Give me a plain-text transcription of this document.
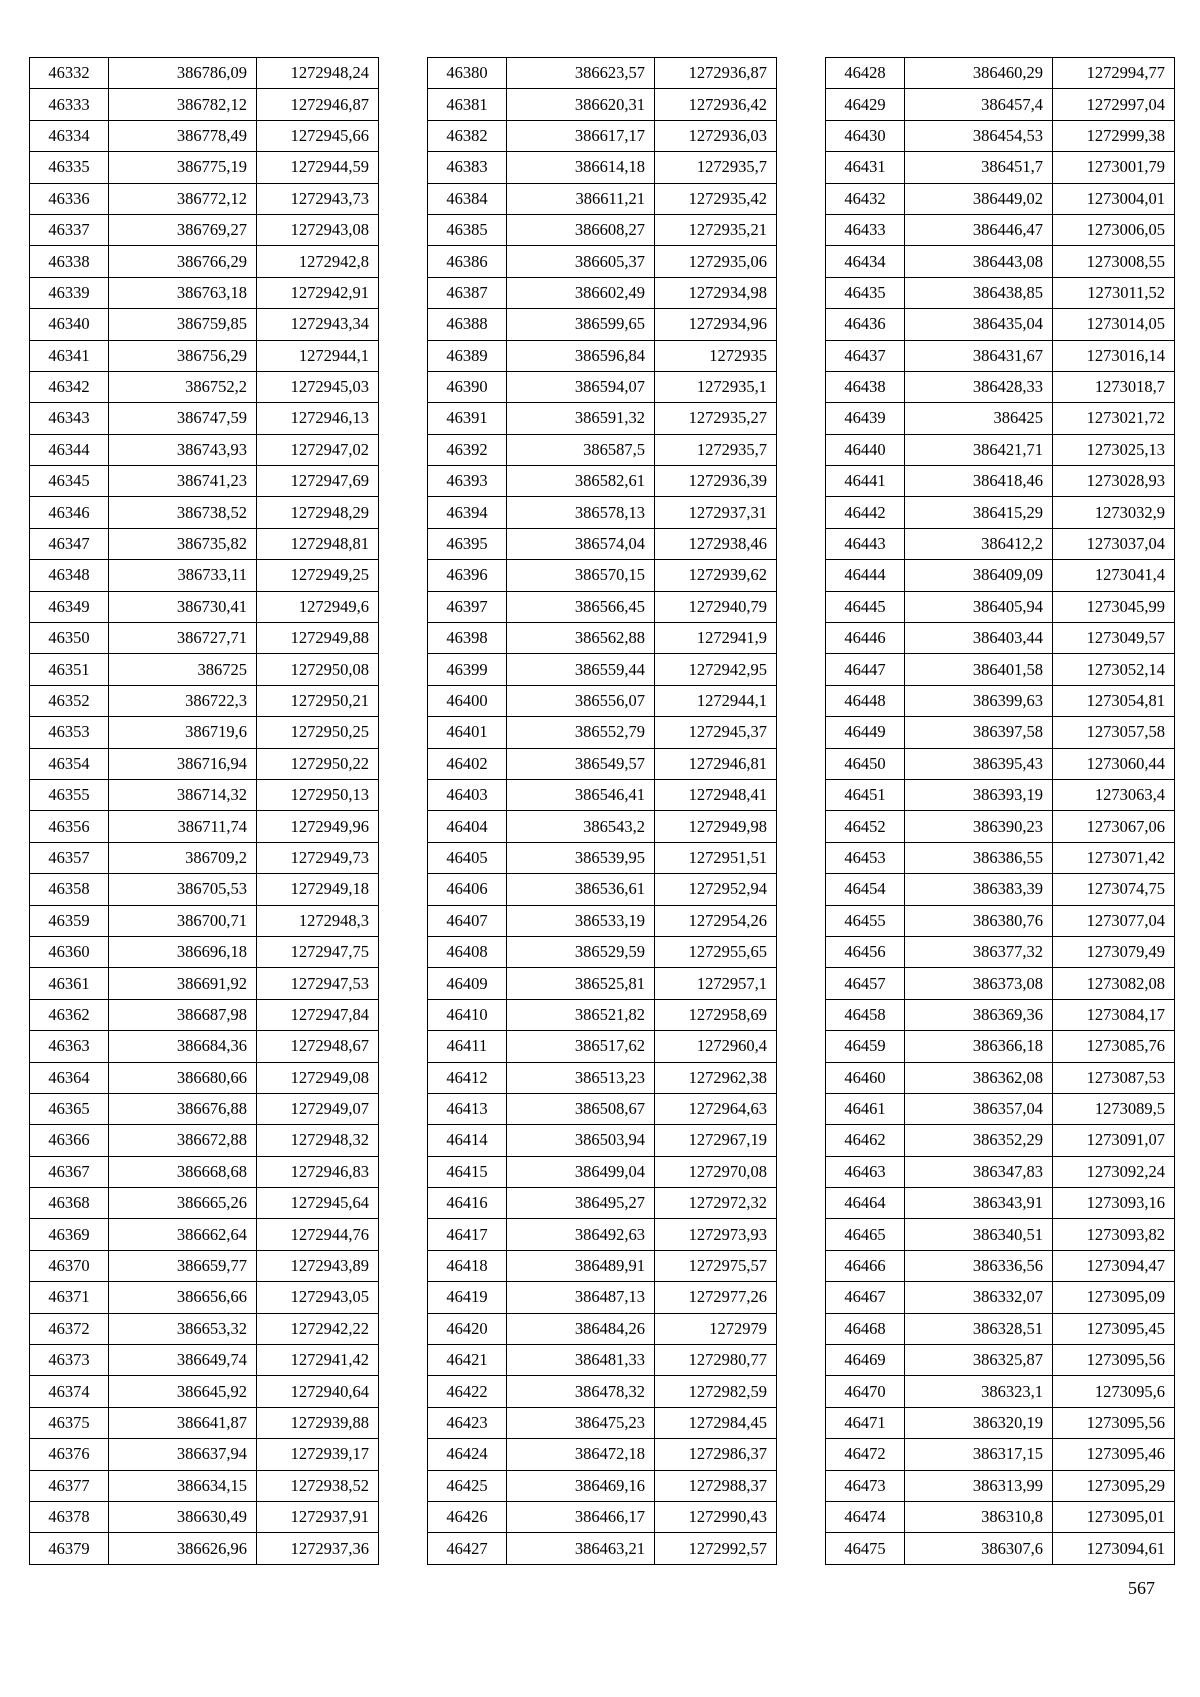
46332	386786,09	1272948,24
46333	386782,12	1272946,87
46334	386778,49	1272945,66
46335	386775,19	1272944,59
46336	386772,12	1272943,73
46337	386769,27	1272943,08
46338	386766,29	1272942,8
46339	386763,18	1272942,91
46340	386759,85	1272943,34
46341	386756,29	1272944,1
46342	386752,2	1272945,03
46343	386747,59	1272946,13
46344	386743,93	1272947,02
46345	386741,23	1272947,69
46346	386738,52	1272948,29
46347	386735,82	1272948,81
46348	386733,11	1272949,25
46349	386730,41	1272949,6
46350	386727,71	1272949,88
46351	386725	1272950,08
46352	386722,3	1272950,21
46353	386719,6	1272950,25
46354	386716,94	1272950,22
46355	386714,32	1272950,13
46356	386711,74	1272949,96
46357	386709,2	1272949,73
46358	386705,53	1272949,18
46359	386700,71	1272948,3
46360	386696,18	1272947,75
46361	386691,92	1272947,53
46362	386687,98	1272947,84
46363	386684,36	1272948,67
46364	386680,66	1272949,08
46365	386676,88	1272949,07
46366	386672,88	1272948,32
46367	386668,68	1272946,83
46368	386665,26	1272945,64
46369	386662,64	1272944,76
46370	386659,77	1272943,89
46371	386656,66	1272943,05
46372	386653,32	1272942,22
46373	386649,74	1272941,42
46374	386645,92	1272940,64
46375	386641,87	1272939,88
46376	386637,94	1272939,17
46377	386634,15	1272938,52
46378	386630,49	1272937,91
46379	386626,96	1272937,36
46380	386623,57	1272936,87
46381	386620,31	1272936,42
46382	386617,17	1272936,03
46383	386614,18	1272935,7
46384	386611,21	1272935,42
46385	386608,27	1272935,21
46386	386605,37	1272935,06
46387	386602,49	1272934,98
46388	386599,65	1272934,96
46389	386596,84	1272935
46390	386594,07	1272935,1
46391	386591,32	1272935,27
46392	386587,5	1272935,7
46393	386582,61	1272936,39
46394	386578,13	1272937,31
46395	386574,04	1272938,46
46396	386570,15	1272939,62
46397	386566,45	1272940,79
46398	386562,88	1272941,9
46399	386559,44	1272942,95
46400	386556,07	1272944,1
46401	386552,79	1272945,37
46402	386549,57	1272946,81
46403	386546,41	1272948,41
46404	386543,2	1272949,98
46405	386539,95	1272951,51
46406	386536,61	1272952,94
46407	386533,19	1272954,26
46408	386529,59	1272955,65
46409	386525,81	1272957,1
46410	386521,82	1272958,69
46411	386517,62	1272960,4
46412	386513,23	1272962,38
46413	386508,67	1272964,63
46414	386503,94	1272967,19
46415	386499,04	1272970,08
46416	386495,27	1272972,32
46417	386492,63	1272973,93
46418	386489,91	1272975,57
46419	386487,13	1272977,26
46420	386484,26	1272979
46421	386481,33	1272980,77
46422	386478,32	1272982,59
46423	386475,23	1272984,45
46424	386472,18	1272986,37
46425	386469,16	1272988,37
46426	386466,17	1272990,43
46427	386463,21	1272992,57
46428	386460,29	1272994,77
46429	386457,4	1272997,04
46430	386454,53	1272999,38
46431	386451,7	1273001,79
46432	386449,02	1273004,01
46433	386446,47	1273006,05
46434	386443,08	1273008,55
46435	386438,85	1273011,52
46436	386435,04	1273014,05
46437	386431,67	1273016,14
46438	386428,33	1273018,7
46439	386425	1273021,72
46440	386421,71	1273025,13
46441	386418,46	1273028,93
46442	386415,29	1273032,9
46443	386412,2	1273037,04
46444	386409,09	1273041,4
46445	386405,94	1273045,99
46446	386403,44	1273049,57
46447	386401,58	1273052,14
46448	386399,63	1273054,81
46449	386397,58	1273057,58
46450	386395,43	1273060,44
46451	386393,19	1273063,4
46452	386390,23	1273067,06
46453	386386,55	1273071,42
46454	386383,39	1273074,75
46455	386380,76	1273077,04
46456	386377,32	1273079,49
46457	386373,08	1273082,08
46458	386369,36	1273084,17
46459	386366,18	1273085,76
46460	386362,08	1273087,53
46461	386357,04	1273089,5
46462	386352,29	1273091,07
46463	386347,83	1273092,24
46464	386343,91	1273093,16
46465	386340,51	1273093,82
46466	386336,56	1273094,47
46467	386332,07	1273095,09
46468	386328,51	1273095,45
46469	386325,87	1273095,56
46470	386323,1	1273095,6
46471	386320,19	1273095,56
46472	386317,15	1273095,46
46473	386313,99	1273095,29
46474	386310,8	1273095,01
46475	386307,6	1273094,61
567
